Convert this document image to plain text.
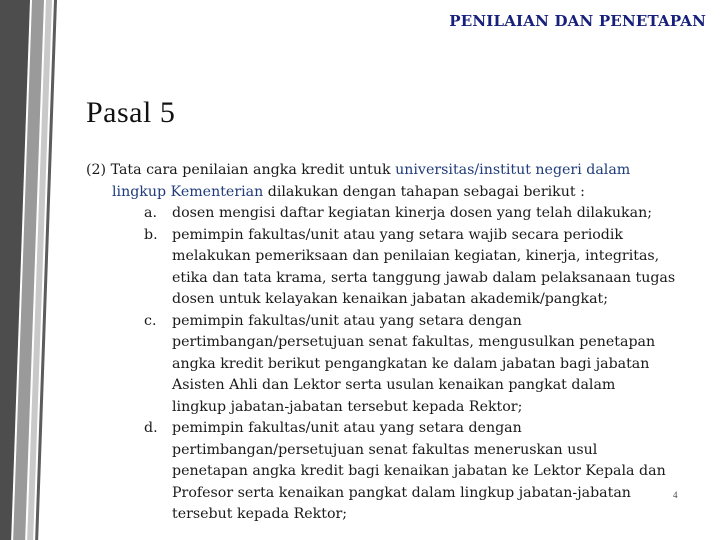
PENILAIAN DAN PENETAPAN
Pasal 5
(2) Tata cara penilaian angka kredit untuk universitas/institut negeri dalam
lingkup Kementerian dilakukan dengan tahapan sebagai berikut :
a. dosen mengisi daftar kegiatan kinerja dosen yang telah dilakukan;
b. pemimpin fakultas/unit atau yang setara wajib secara periodik
melakukan pemeriksaan dan penilaian kegiatan, kinerja, integritas,
etika dan tata krama, serta tanggung jawab dalam pelaksanaan tugas
dosen untuk kelayakan kenaikan jabatan akademik/pangkat;
c. pemimpin fakultas/unit atau yang setara dengan
pertimbangan/persetujuan senat fakultas, mengusulkan penetapan
angka kredit berikut pengangkatan ke dalam jabatan bagi jabatan
Asisten Ahli dan Lektor serta usulan kenaikan pangkat dalam
lingkup jabatan-jabatan tersebut kepada Rektor;
d. pemimpin fakultas/unit atau yang setara dengan
pertimbangan/persetujuan senat fakultas meneruskan usul
penetapan angka kredit bagi kenaikan jabatan ke Lektor Kepala dan
Profesor serta kenaikan pangkat dalam lingkup jabatan-jabatan
tersebut kepada Rektor;
4
